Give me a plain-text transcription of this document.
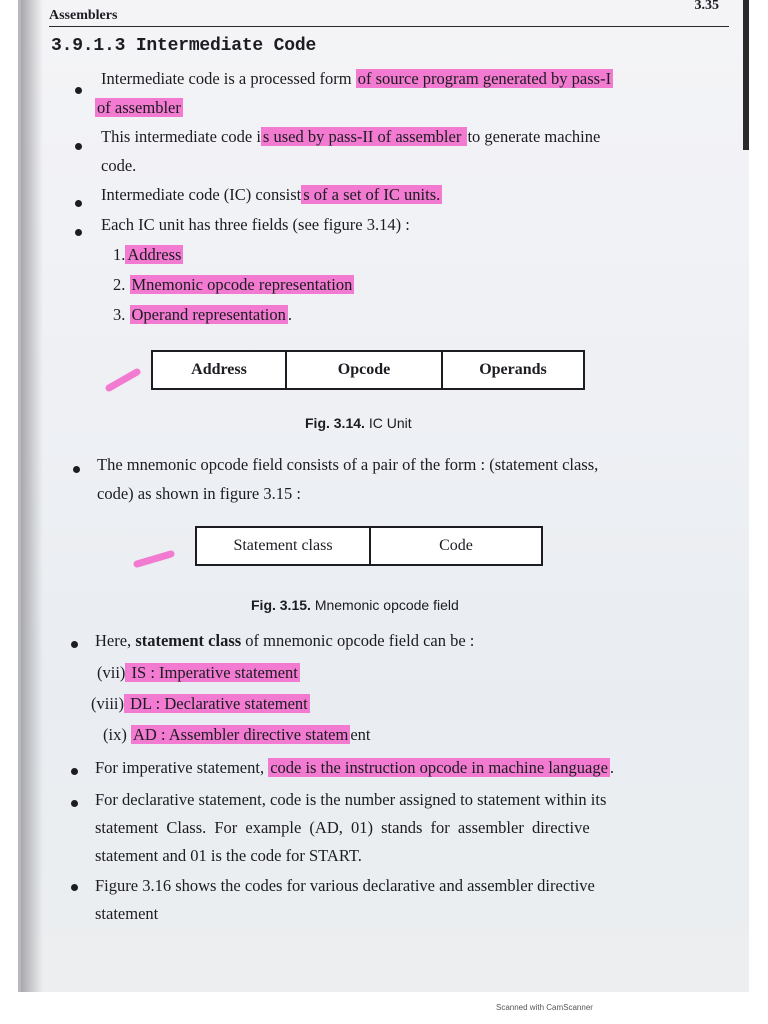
Assemblers
3.35
3.9.1.3 Intermediate Code
Intermediate code is a processed form of source program generated by pass-I
of assembler
This intermediate code i s used by pass-II of assembler to generate machine
code.
Intermediate code (IC) consist s of a set of IC units.
Each IC unit has three fields (see figure 3.14) :
1. Address
2. Mnemonic opcode representation
3. Operand representation .
Address	Opcode	Operands
Fig. 3.14. IC Unit
The mnemonic opcode field consists of a pair of the form : (statement class,
code) as shown in figure 3.15 :
Statement class	Code
Fig. 3.15. Mnemonic opcode field
Here, statement class of mnemonic opcode field can be :
(vii) IS : Imperative statement
(viii) DL : Declarative statement
(ix) AD : Assembler directive statem ent
For imperative statement, code is the instruction opcode in machine language .
For declarative statement, code is the number assigned to statement within its
statement Class. For example (AD, 01) stands for assembler directive
statement and 01 is the code for START.
Figure 3.16 shows the codes for various declarative and assembler directive
statement
Scanned with CamScanner
